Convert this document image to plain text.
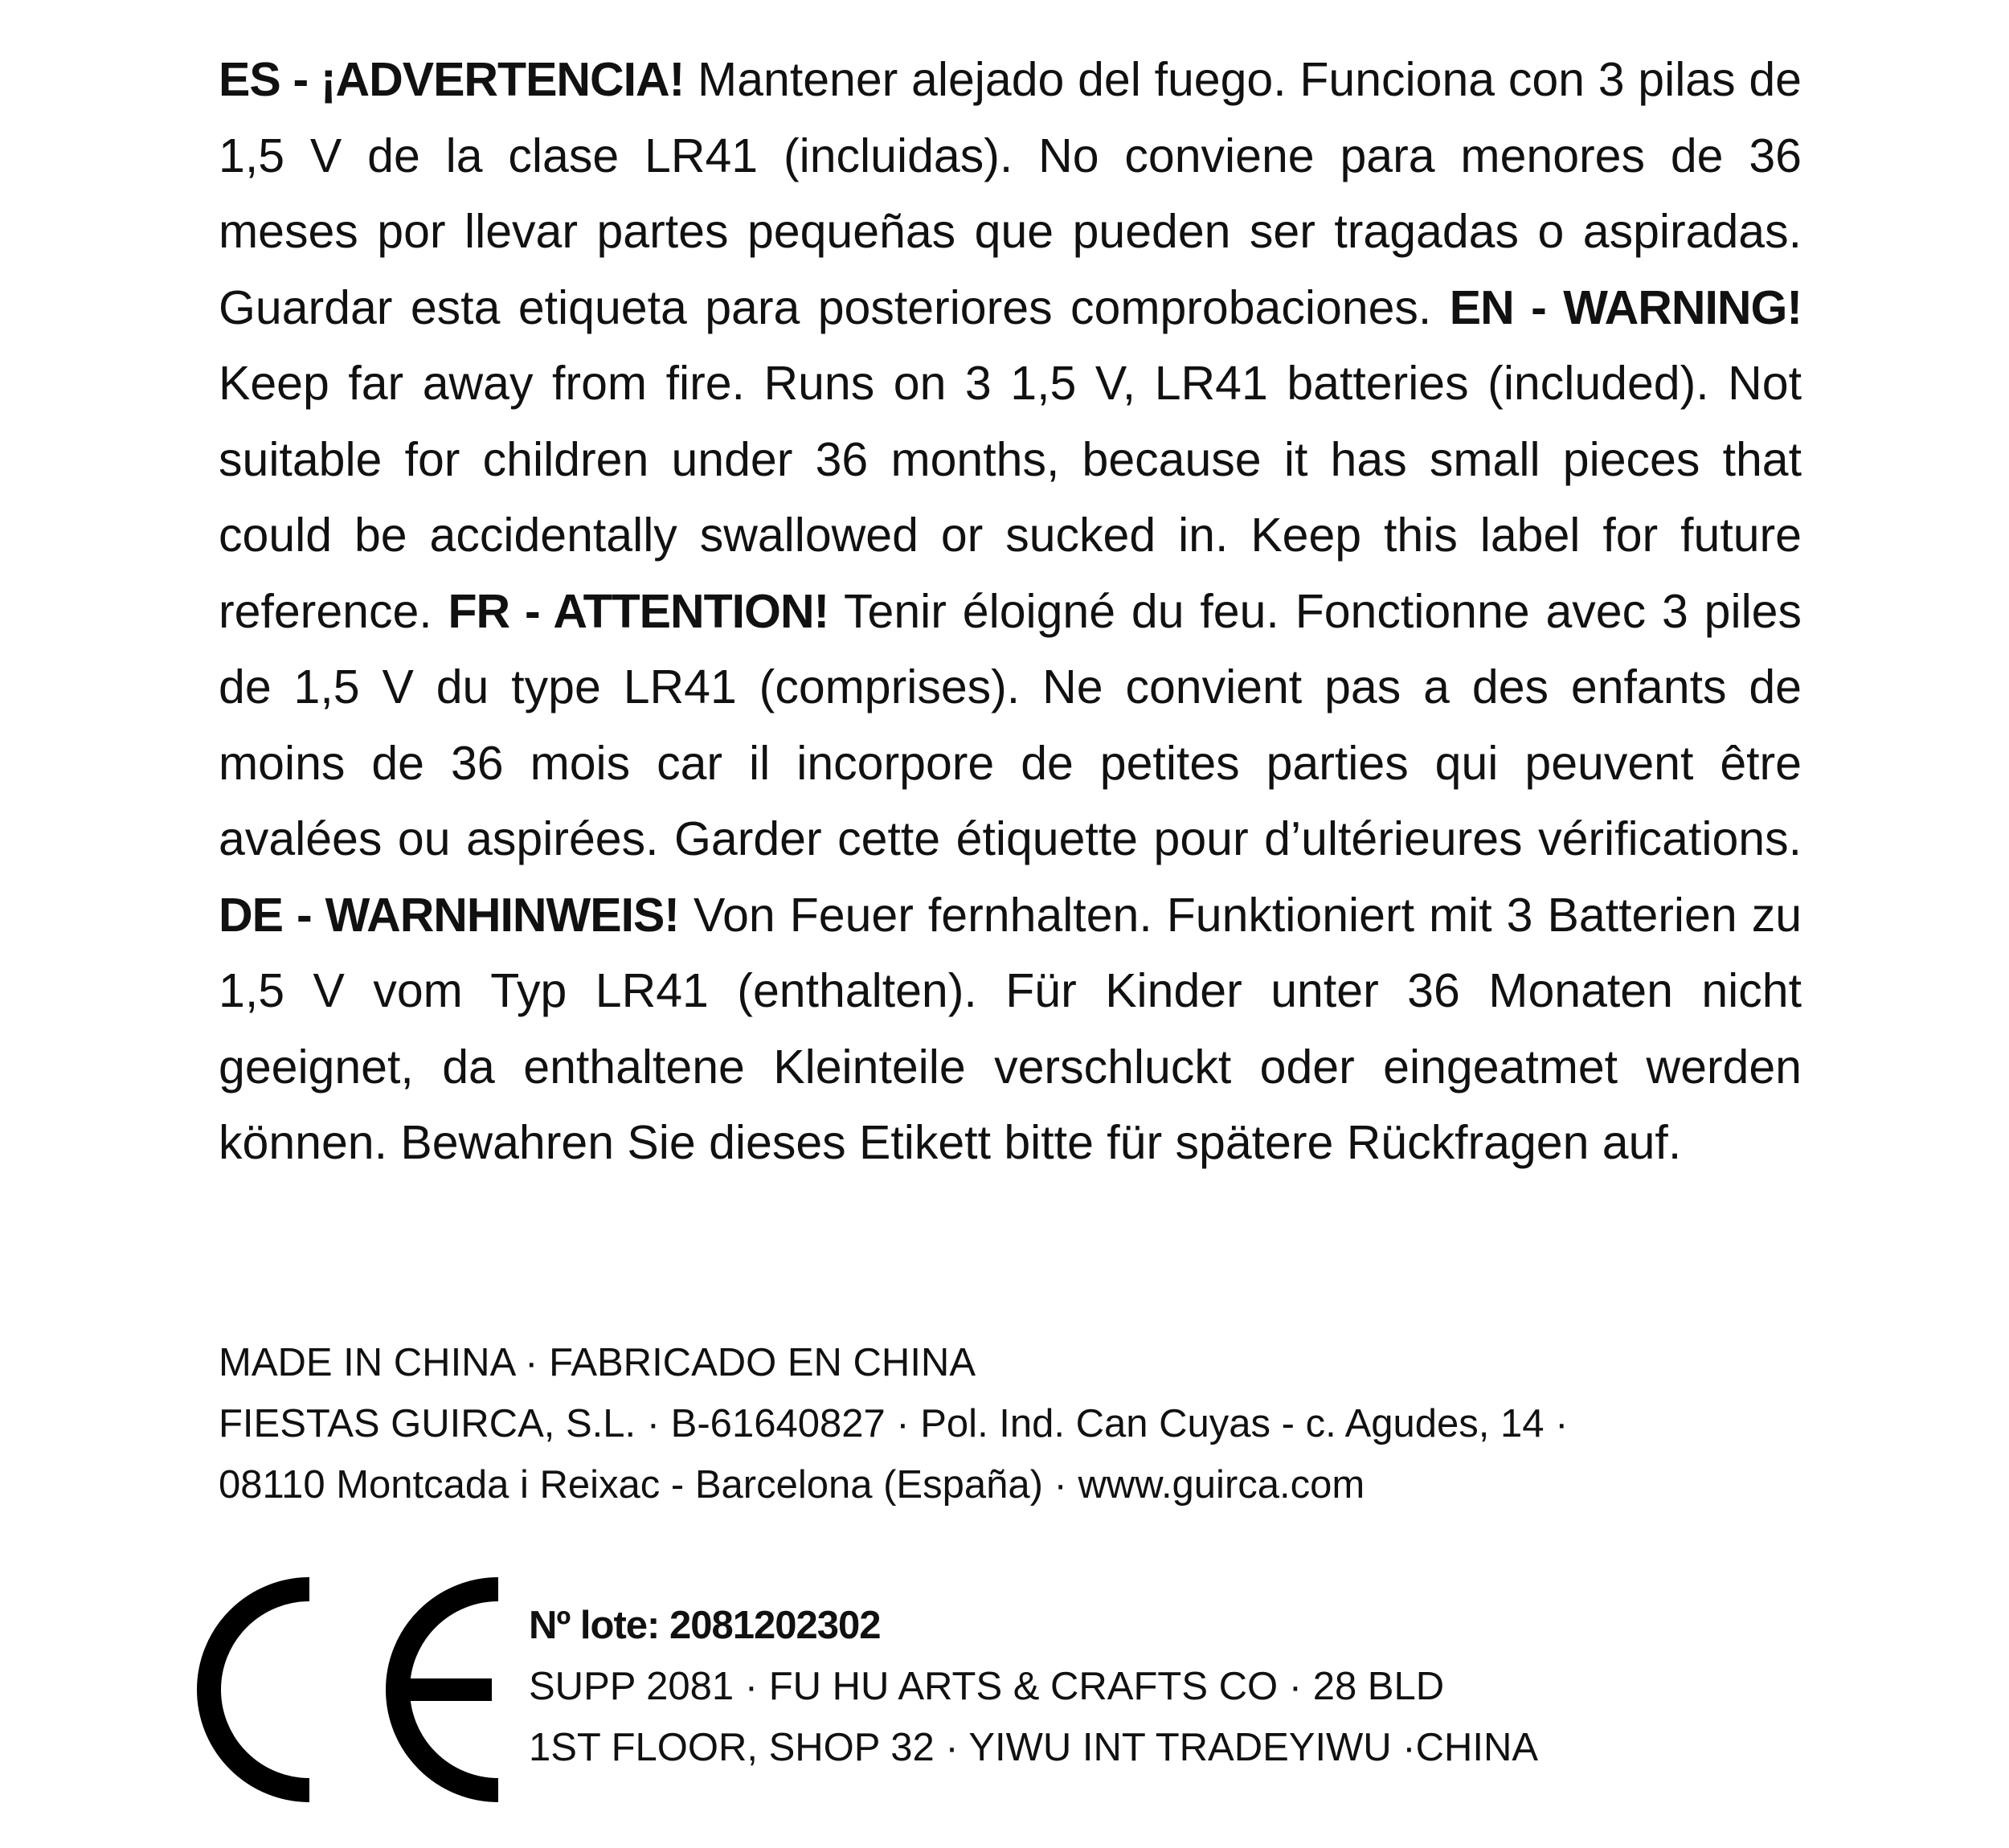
ES - ¡ADVERTENCIA! Mantener alejado del fuego. Funciona con 3 pilas de 1,5 V de la clase LR41 (incluidas). No conviene para menores de 36 meses por llevar partes pequeñas que pueden ser tragadas o aspiradas. Guardar esta etiqueta para posteriores comprobaciones. EN - WARNING! Keep far away from fire. Runs on 3 1,5 V, LR41 batteries (included). Not suitable for children under 36 months, because it has small pieces that could be accidentally swallowed or sucked in. Keep this label for future reference. FR - ATTENTION! Tenir éloigné du feu. Fonctionne avec 3 piles de 1,5 V du type LR41 (comprises). Ne convient pas a des enfants de moins de 36 mois car il incorpore de petites parties qui peuvent être avalées ou aspirées. Garder cette étiquette pour d’ultérieures vérifications. DE - WARNHINWEIS! Von Feuer fernhalten. Funktioniert mit 3 Batterien zu 1,5 V vom Typ LR41 (enthalten). Für Kinder unter 36 Monaten nicht geeignet, da enthaltene Kleinteile verschluckt oder eingeatmet werden können. Bewahren Sie dieses Etikett bitte für spätere Rückfragen auf.

MADE IN CHINA · FABRICADO EN CHINA
FIESTAS GUIRCA, S.L. · B-61640827 · Pol. Ind. Can Cuyas - c. Agudes, 14 ·
08110 Montcada i Reixac - Barcelona (España) · www.guirca.com
Nº lote: 2081202302
SUPP 2081 · FU HU ARTS & CRAFTS CO · 28 BLD
1ST FLOOR, SHOP 32 · YIWU INT TRADEYIWU ·CHINA
